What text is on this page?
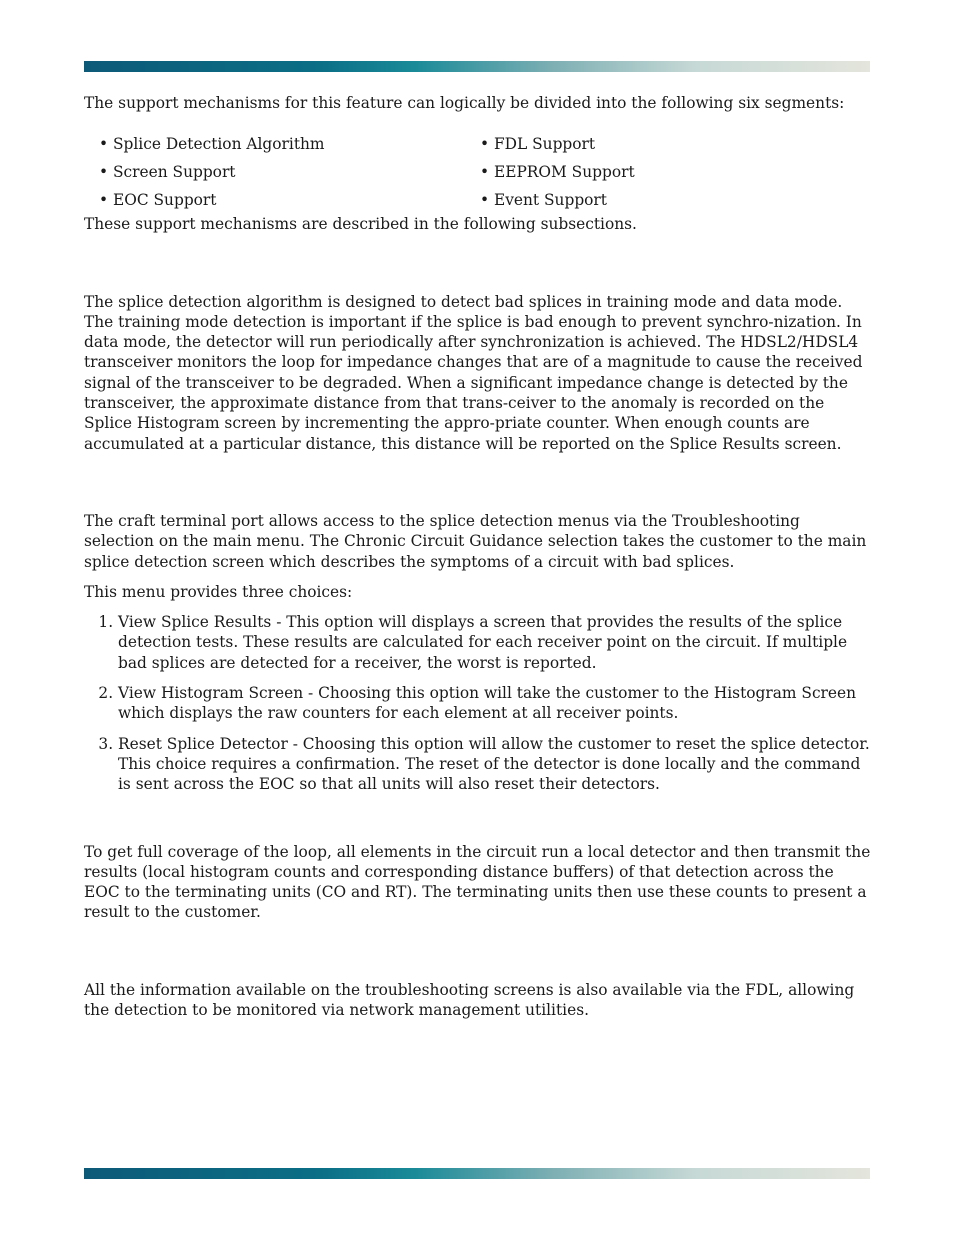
The support mechanisms for this feature can logically be divided into the following six segments:

• Splice Detection Algorithm
• Screen Support
• EOC Support
• FDL Support
• EEPROM Support
• Event Support

These support mechanisms are described in the following subsections.

The splice detection algorithm is designed to detect bad splices in training mode and data mode. The training mode detection is important if the splice is bad enough to prevent synchro-nization. In data mode, the detector will run periodically after synchronization is achieved. The HDSL2/HDSL4 transceiver monitors the loop for impedance changes that are of a magnitude to cause the received signal of the transceiver to be degraded. When a significant impedance change is detected by the transceiver, the approximate distance from that trans-ceiver to the anomaly is recorded on the Splice Histogram screen by incrementing the appro-priate counter. When enough counts are accumulated at a particular distance, this distance will be reported on the Splice Results screen.

The craft terminal port allows access to the splice detection menus via the Troubleshooting selection on the main menu. The Chronic Circuit Guidance selection takes the customer to the main splice detection screen which describes the symptoms of a circuit with bad splices.

This menu provides three choices:

1. View Splice Results - This option will displays a screen that provides the results of the splice detection tests. These results are calculated for each receiver point on the circuit. If multiple bad splices are detected for a receiver, the worst is reported.
2. View Histogram Screen - Choosing this option will take the customer to the Histogram Screen which displays the raw counters for each element at all receiver points.
3. Reset Splice Detector - Choosing this option will allow the customer to reset the splice detector. This choice requires a confirmation. The reset of the detector is done locally and the command is sent across the EOC so that all units will also reset their detectors.

To get full coverage of the loop, all elements in the circuit run a local detector and then transmit the results (local histogram counts and corresponding distance buffers) of that detection across the EOC to the terminating units (CO and RT). The terminating units then use these counts to present a result to the customer.

All the information available on the troubleshooting screens is also available via the FDL, allowing the detection to be monitored via network management utilities.
